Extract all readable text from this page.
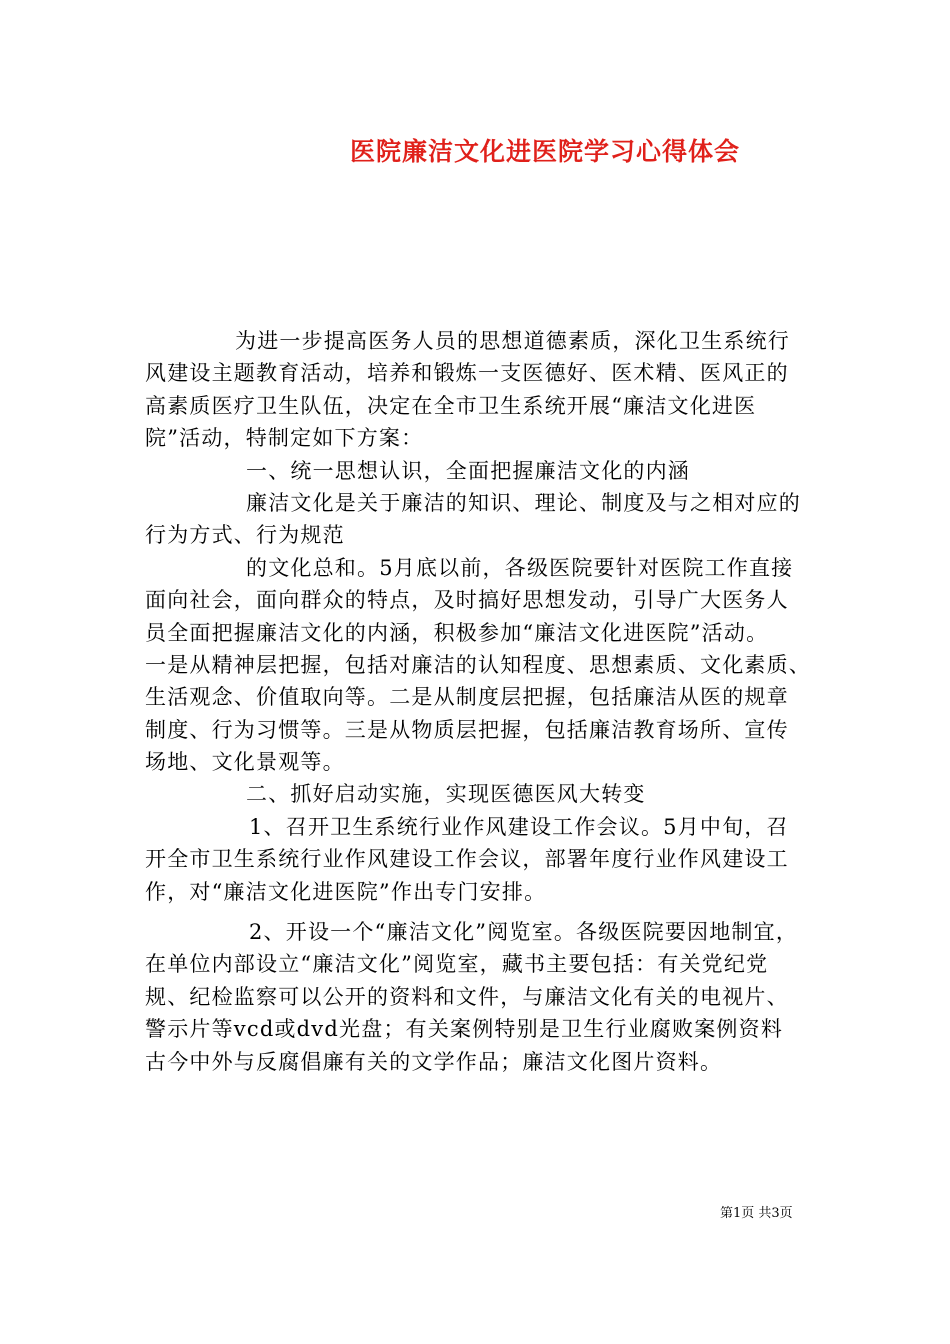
医院廉洁文化进医院学习心得体会
为进一步提高医务人员的思想道德素质，深化卫生系统行
风建设主题教育活动，培养和锻炼一支医德好、医术精、医风正的
高素质医疗卫生队伍，决定在全市卫生系统开展“廉洁文化进医
院”活动，特制定如下方案：
一、统一思想认识，全面把握廉洁文化的内涵
廉洁文化是关于廉洁的知识、理论、制度及与之相对应的
行为方式、行为规范
的文化总和。5月底以前，各级医院要针对医院工作直接
面向社会，面向群众的特点，及时搞好思想发动，引导广大医务人
员全面把握廉洁文化的内涵，积极参加“廉洁文化进医院”活动。
一是从精神层把握，包括对廉洁的认知程度、思想素质、文化素质、
生活观念、价值取向等。二是从制度层把握，包括廉洁从医的规章
制度、行为习惯等。三是从物质层把握，包括廉洁教育场所、宣传
场地、文化景观等。
二、抓好启动实施，实现医德医风大转变
1、召开卫生系统行业作风建设工作会议。5月中旬，召
开全市卫生系统行业作风建设工作会议，部署年度行业作风建设工
作，对“廉洁文化进医院”作出专门安排。
2、开设一个“廉洁文化”阅览室。各级医院要因地制宜，
在单位内部设立“廉洁文化”阅览室，藏书主要包括：有关党纪党
规、纪检监察可以公开的资料和文件，与廉洁文化有关的电视片、
警示片等vcd或dvd光盘；有关案例特别是卫生行业腐败案例资料
古今中外与反腐倡廉有关的文学作品；廉洁文化图片资料。
第1页 共3页
